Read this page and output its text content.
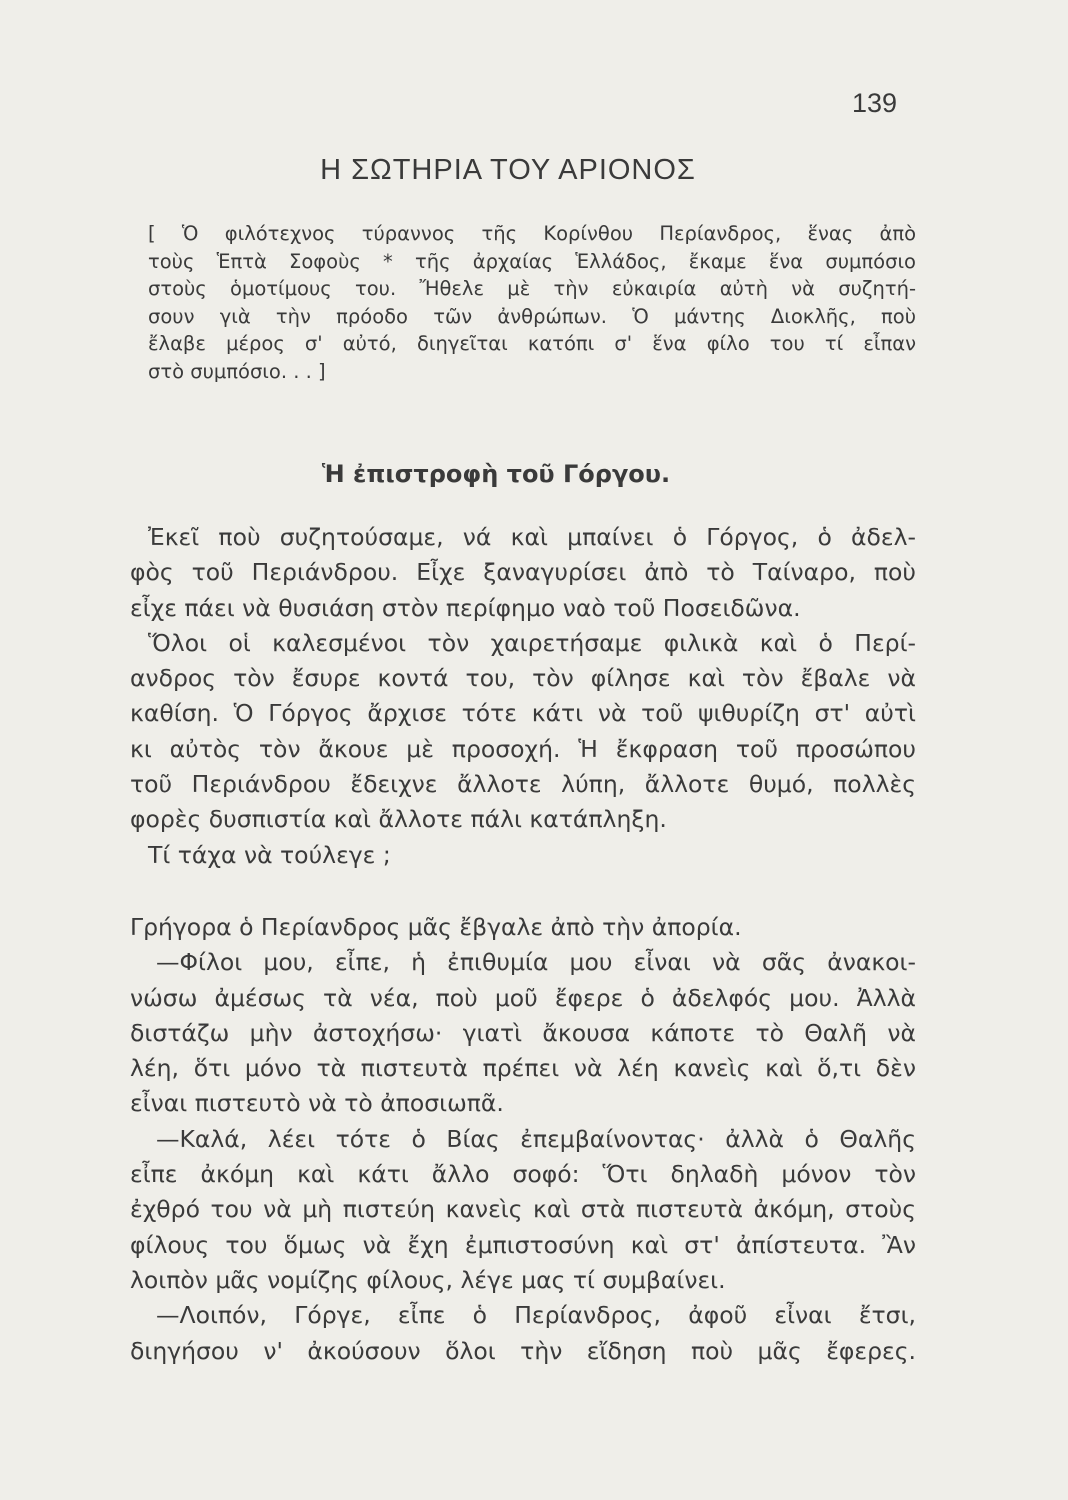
139
Η ΣΩΤΗΡΙΑ ΤΟΥ ΑΡΙΟΝΟΣ
[ Ὁ φιλότεχνος τύραννος τῆς Κορίνθου Περίανδρος, ἕνας ἀπὸ
τοὺς Ἑπτὰ Σοφοὺς * τῆς ἀρχαίας Ἑλλάδος, ἔκαμε ἕνα συμπόσιο
στοὺς ὁμοτίμους του. Ἤθελε μὲ τὴν εὐκαιρία αὐτὴ νὰ συζητή-
σουν γιὰ τὴν πρόοδο τῶν ἀνθρώπων. Ὁ μάντης Διοκλῆς, ποὺ
ἔλαβε μέρος σ' αὐτό, διηγεῖται κατόπι σ' ἕνα φίλο του τί εἶπαν
στὸ συμπόσιο. . . ]
Ἡ ἐπιστροφὴ τοῦ Γόργου.
Ἐκεῖ ποὺ συζητούσαμε, νά καὶ μπαίνει ὁ Γόργος, ὁ ἀδελ-
φὸς τοῦ Περιάνδρου. Εἶχε ξαναγυρίσει ἀπὸ τὸ Ταίναρο, ποὺ
εἶχε πάει νὰ θυσιάση στὸν περίφημο ναὸ τοῦ Ποσειδῶνα.
Ὅλοι οἱ καλεσμένοι τὸν χαιρετήσαμε φιλικὰ καὶ ὁ Περί-
ανδρος τὸν ἔσυρε κοντά του, τὸν φίλησε καὶ τὸν ἔβαλε νὰ
καθίση. Ὁ Γόργος ἄρχισε τότε κάτι νὰ τοῦ ψιθυρίζη στ' αὐτὶ
κι αὐτὸς τὸν ἄκουε μὲ προσοχή. Ἡ ἔκφραση τοῦ προσώπου
τοῦ Περιάνδρου ἔδειχνε ἄλλοτε λύπη, ἄλλοτε θυμό, πολλὲς
φορὲς δυσπιστία καὶ ἄλλοτε πάλι κατάπληξη.
Τί τάχα νὰ τούλεγε ;
Γρήγορα ὁ Περίανδρος μᾶς ἔβγαλε ἀπὸ τὴν ἀπορία.
—Φίλοι μου, εἶπε, ἡ ἐπιθυμία μου εἶναι νὰ σᾶς ἀνακοι-
νώσω ἀμέσως τὰ νέα, ποὺ μοῦ ἔφερε ὁ ἀδελφός μου. Ἀλλὰ
διστάζω μὴν ἀστοχήσω· γιατὶ ἄκουσα κάποτε τὸ Θαλῆ νὰ
λέη, ὅτι μόνο τὰ πιστευτὰ πρέπει νὰ λέη κανεὶς καὶ ὅ,τι δὲν
εἶναι πιστευτὸ νὰ τὸ ἀποσιωπᾶ.
—Καλά, λέει τότε ὁ Βίας ἐπεμβαίνοντας· ἀλλὰ ὁ Θαλῆς
εἶπε ἀκόμη καὶ κάτι ἄλλο σοφό: Ὅτι δηλαδὴ μόνον τὸν
ἐχθρό του νὰ μὴ πιστεύη κανεὶς καὶ στὰ πιστευτὰ ἀκόμη, στοὺς
φίλους του ὅμως νὰ ἔχη ἐμπιστοσύνη καὶ στ' ἀπίστευτα. Ἂν
λοιπὸν μᾶς νομίζης φίλους, λέγε μας τί συμβαίνει.
—Λοιπόν, Γόργε, εἶπε ὁ Περίανδρος, ἀφοῦ εἶναι ἔτσι,
διηγήσου ν' ἀκούσουν ὅλοι τὴν εἴδηση ποὺ μᾶς ἔφερες.
